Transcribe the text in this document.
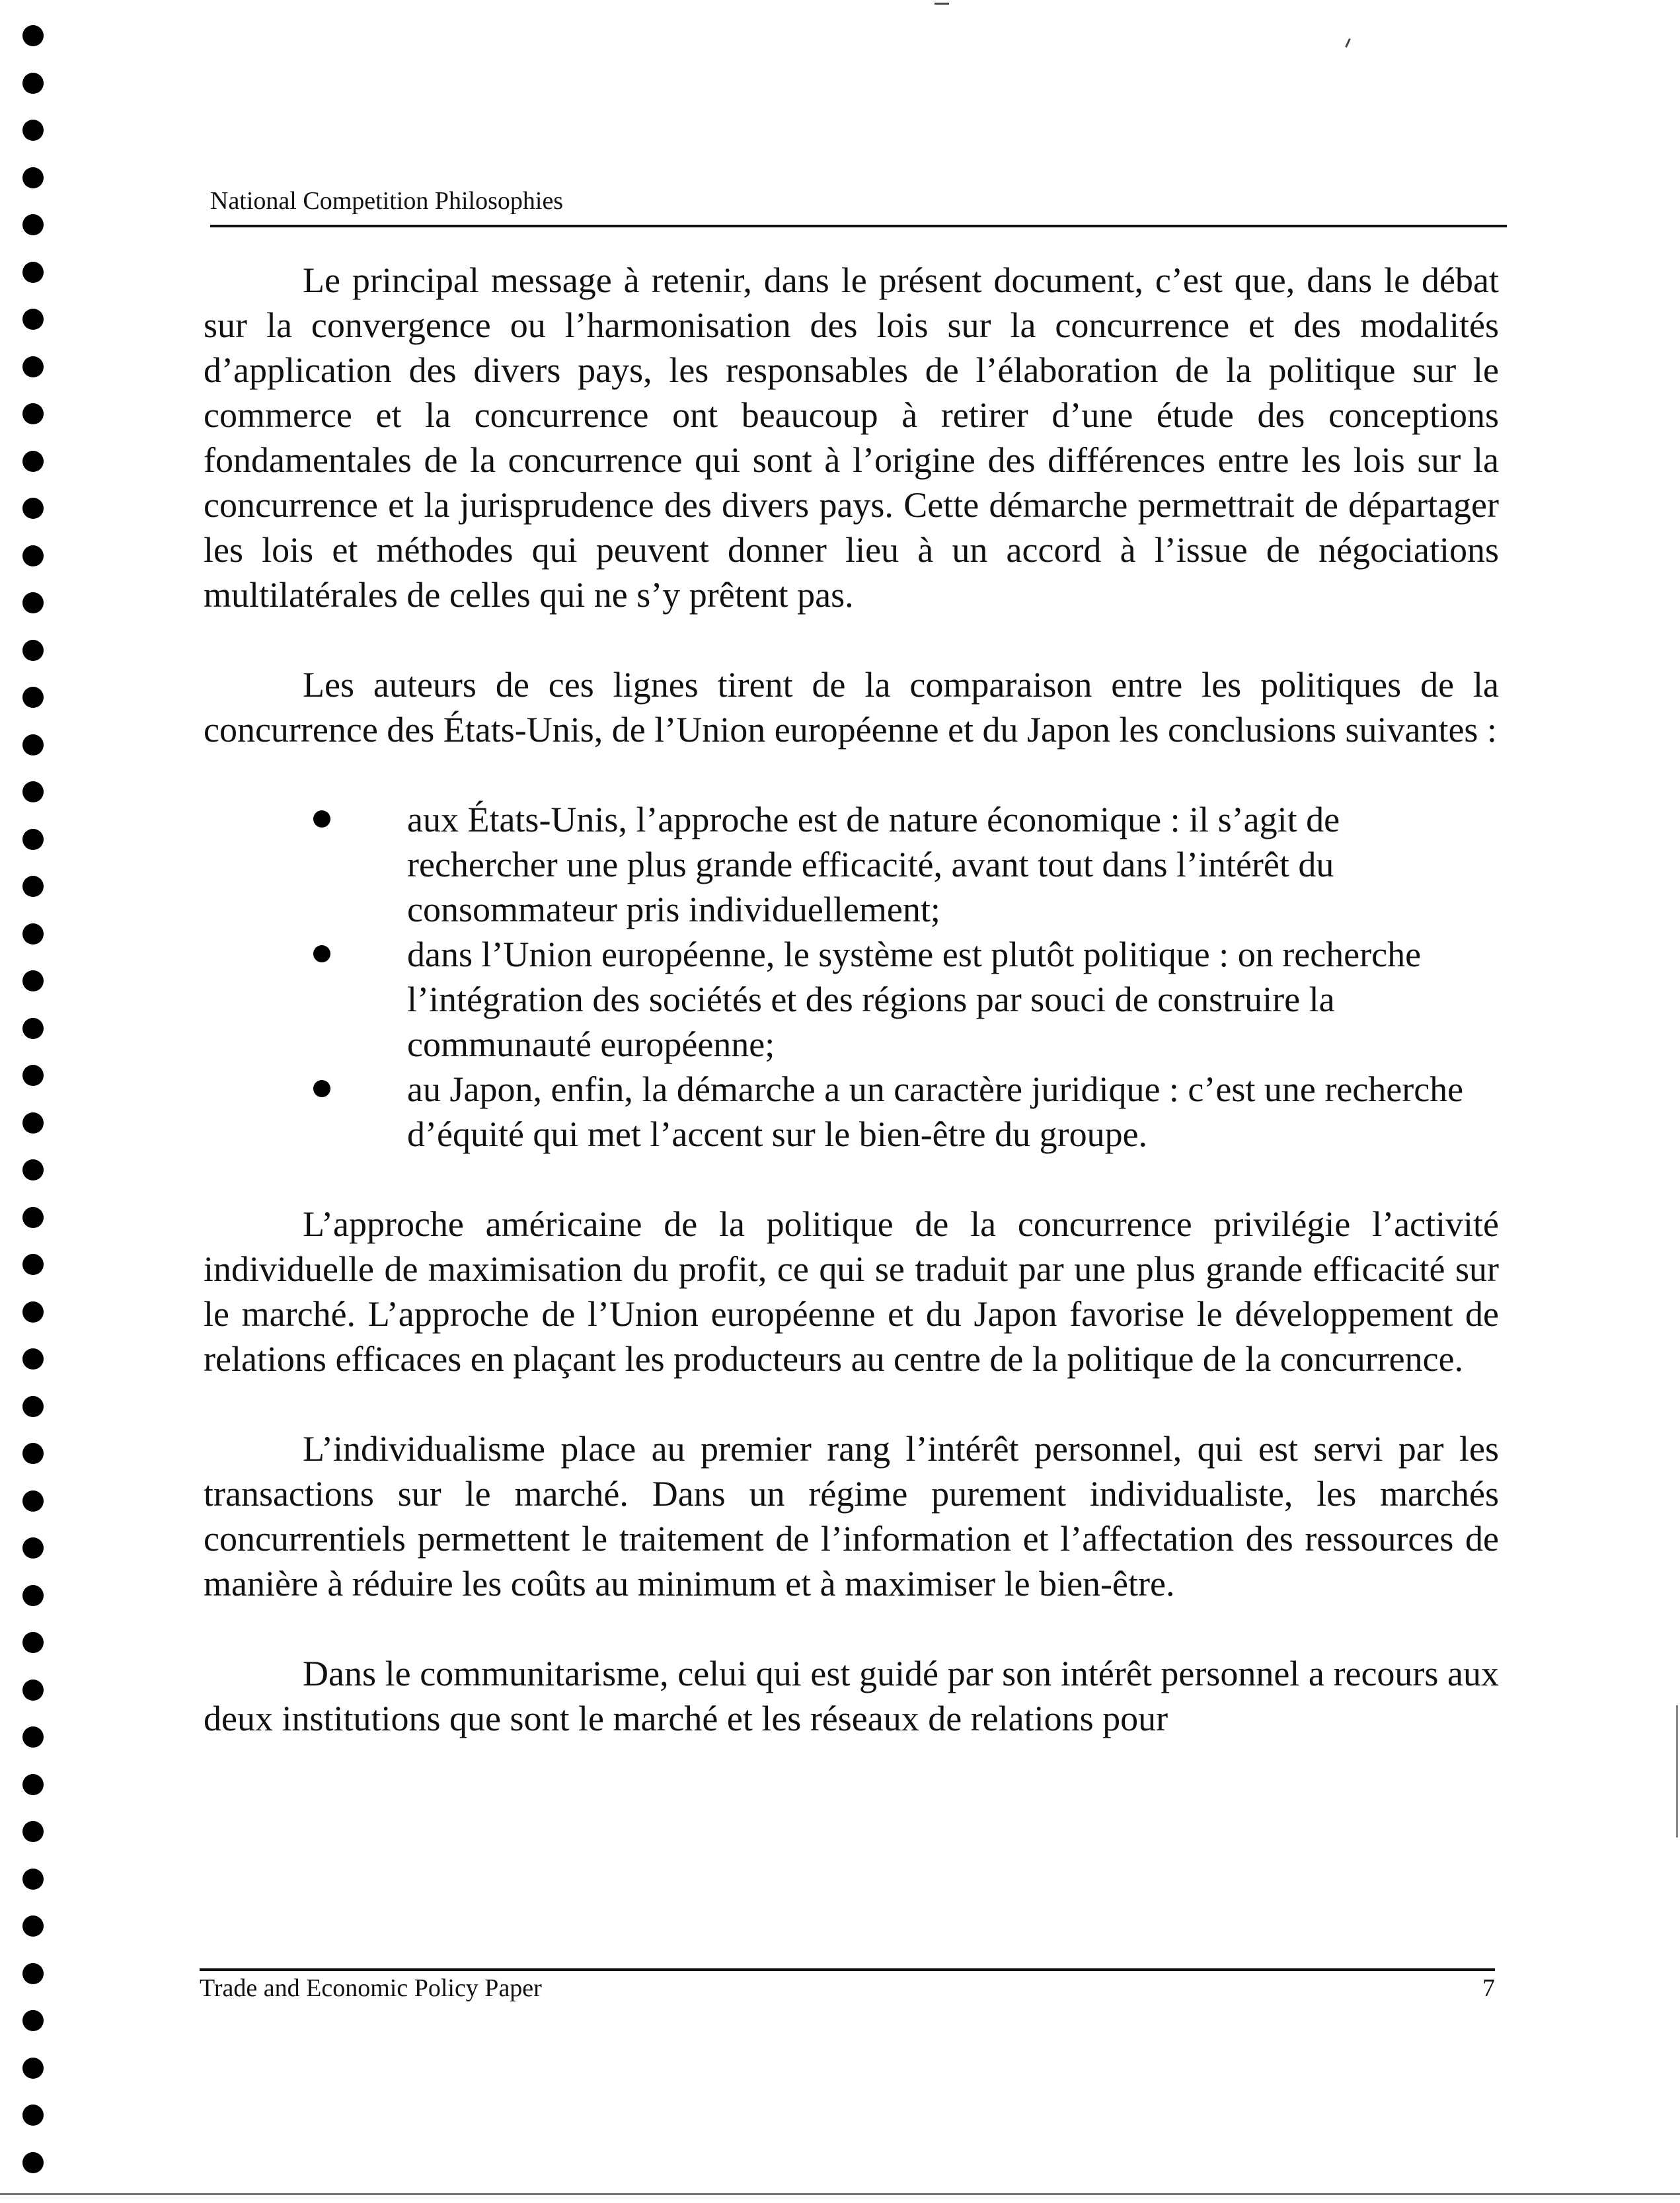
National Competition Philosophies

Le principal message à retenir, dans le présent document, c’est que, dans le débat sur la convergence ou l’harmonisation des lois sur la concurrence et des modalités d’application des divers pays, les responsables de l’élaboration de la politique sur le commerce et la concurrence ont beaucoup à retirer d’une étude des conceptions fondamentales de la concurrence qui sont à l’origine des différences entre les lois sur la concurrence et la jurisprudence des divers pays. Cette démarche permettrait de départager les lois et méthodes qui peuvent donner lieu à un accord à l’issue de négociations multilatérales de celles qui ne s’y prêtent pas.

Les auteurs de ces lignes tirent de la comparaison entre les politiques de la concurrence des États-Unis, de l’Union européenne et du Japon les conclusions suivantes :

aux États-Unis, l’approche est de nature économique : il s’agit de rechercher une plus grande efficacité, avant tout dans l’intérêt du consommateur pris individuellement;
dans l’Union européenne, le système est plutôt politique : on recherche l’intégration des sociétés et des régions par souci de construire la communauté européenne;
au Japon, enfin, la démarche a un caractère juridique : c’est une recherche d’équité qui met l’accent sur le bien-être du groupe.

L’approche américaine de la politique de la concurrence privilégie l’activité individuelle de maximisation du profit, ce qui se traduit par une plus grande efficacité sur le marché. L’approche de l’Union européenne et du Japon favorise le développement de relations efficaces en plaçant les producteurs au centre de la politique de la concurrence.

L’individualisme place au premier rang l’intérêt personnel, qui est servi par les transactions sur le marché. Dans un régime purement individualiste, les marchés concurrentiels permettent le traitement de l’information et l’affectation des ressources de manière à réduire les coûts au minimum et à maximiser le bien-être.

Dans le communitarisme, celui qui est guidé par son intérêt personnel a recours aux deux institutions que sont le marché et les réseaux de relations pour

Trade and Economic Policy Paper	7
